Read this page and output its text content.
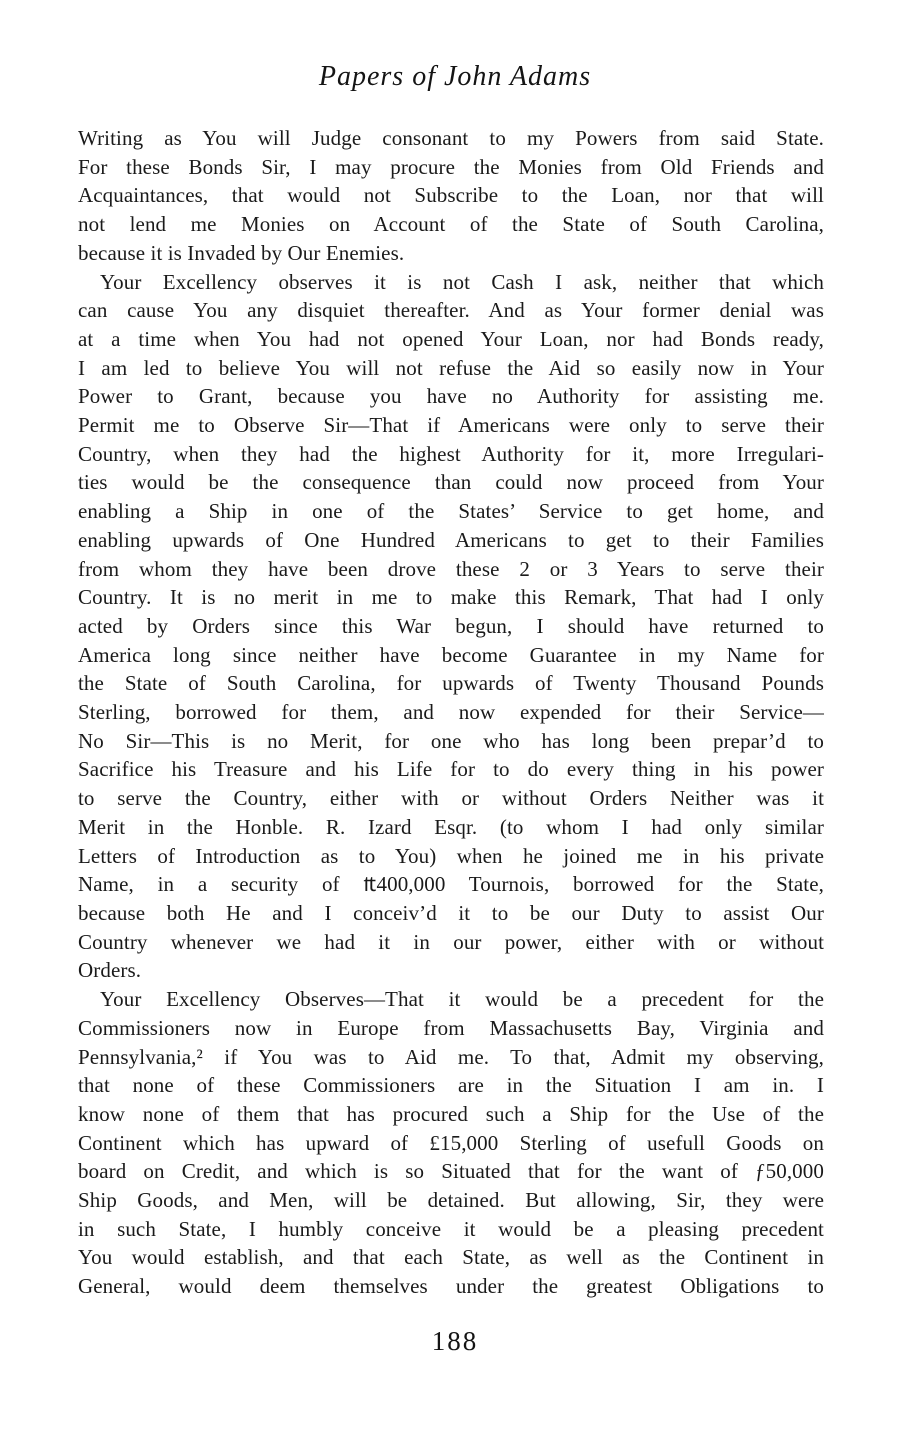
Papers of John Adams
Writing as You will Judge consonant to my Powers from said State.
For these Bonds Sir, I may procure the Monies from Old Friends and
Acquaintances, that would not Subscribe to the Loan, nor that will
not lend me Monies on Account of the State of South Carolina,
because it is Invaded by Our Enemies.
Your Excellency observes it is not Cash I ask, neither that which
can cause You any disquiet thereafter. And as Your former denial was
at a time when You had not opened Your Loan, nor had Bonds ready,
I am led to believe You will not refuse the Aid so easily now in Your
Power to Grant, because you have no Authority for assisting me.
Permit me to Observe Sir—That if Americans were only to serve their
Country, when they had the highest Authority for it, more Irregulari-
ties would be the consequence than could now proceed from Your
enabling a Ship in one of the States’ Service to get home, and
enabling upwards of One Hundred Americans to get to their Families
from whom they have been drove these 2 or 3 Years to serve their
Country. It is no merit in me to make this Remark, That had I only
acted by Orders since this War begun, I should have returned to
America long since neither have become Guarantee in my Name for
the State of South Carolina, for upwards of Twenty Thousand Pounds
Sterling, borrowed for them, and now expended for their Service—
No Sir—This is no Merit, for one who has long been prepar’d to
Sacrifice his Treasure and his Life for to do every thing in his power
to serve the Country, either with or without Orders Neither was it
Merit in the Honble. R. Izard Esqr. (to whom I had only similar
Letters of Introduction as to You) when he joined me in his private
Name, in a security of ₶400,000 Tournois, borrowed for the State,
because both He and I conceiv’d it to be our Duty to assist Our
Country whenever we had it in our power, either with or without
Orders.
Your Excellency Observes—That it would be a precedent for the
Commissioners now in Europe from Massachusetts Bay, Virginia and
Pennsylvania,² if You was to Aid me. To that, Admit my observing,
that none of these Commissioners are in the Situation I am in. I
know none of them that has procured such a Ship for the Use of the
Continent which has upward of £15,000 Sterling of usefull Goods on
board on Credit, and which is so Situated that for the want of ƒ50,000
Ship Goods, and Men, will be detained. But allowing, Sir, they were
in such State, I humbly conceive it would be a pleasing precedent
You would establish, and that each State, as well as the Continent in
General, would deem themselves under the greatest Obligations to
188
